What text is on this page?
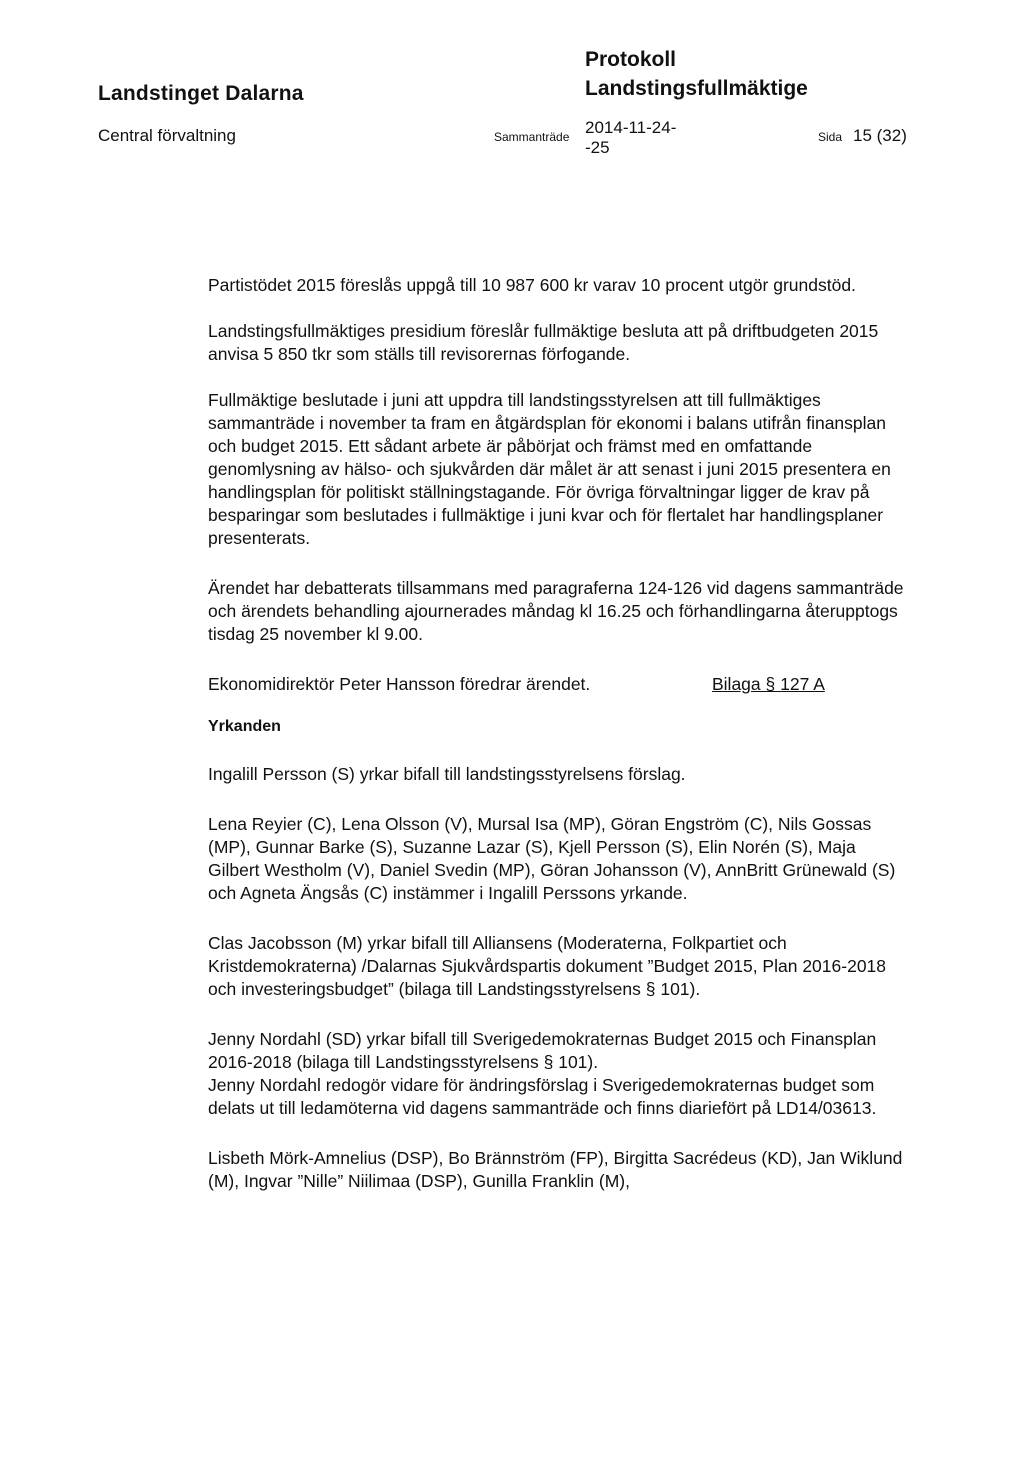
Landstinget Dalarna
Protokoll
Landstingsfullmäktige
Central förvaltning	Sammanträde 2014-11-24-
-25
Sida 15 (32)

Partistödet 2015 föreslås uppgå till 10 987 600 kr varav 10 procent utgör grundstöd.

Landstingsfullmäktiges presidium föreslår fullmäktige besluta att på driftbudgeten 2015 anvisa 5 850 tkr som ställs till revisorernas förfogande.

Fullmäktige beslutade i juni att uppdra till landstingsstyrelsen att till fullmäktiges sammanträde i november ta fram en åtgärdsplan för ekonomi i balans utifrån finansplan och budget 2015. Ett sådant arbete är påbörjat och främst med en omfattande genomlysning av hälso- och sjukvården där målet är att senast i juni 2015 presentera en handlingsplan för politiskt ställningstagande. För övriga förvaltningar ligger de krav på besparingar som beslutades i fullmäktige i juni kvar och för flertalet har handlingsplaner presenterats.

Ärendet har debatterats tillsammans med paragraferna 124-126 vid dagens sammanträde och ärendets behandling ajournerades måndag kl 16.25 och förhandlingarna återupptogs tisdag 25 november kl 9.00.

Ekonomidirektör Peter Hansson föredrar ärendet.	Bilaga § 127 A

Yrkanden

Ingalill Persson (S) yrkar bifall till landstingsstyrelsens förslag.

Lena Reyier (C), Lena Olsson (V), Mursal Isa (MP), Göran Engström (C), Nils Gossas (MP), Gunnar Barke (S), Suzanne Lazar (S), Kjell Persson (S), Elin Norén (S), Maja Gilbert Westholm (V), Daniel Svedin (MP), Göran Johansson (V), AnnBritt Grünewald (S) och Agneta Ängsås (C) instämmer i Ingalill Perssons yrkande.

Clas Jacobsson (M) yrkar bifall till Alliansens (Moderaterna, Folkpartiet och Kristdemokraterna) /Dalarnas Sjukvårdspartis dokument ”Budget 2015, Plan 2016-2018 och investeringsbudget” (bilaga till Landstingsstyrelsens § 101).

Jenny Nordahl (SD) yrkar bifall till Sverigedemokraternas Budget 2015 och Finansplan 2016-2018 (bilaga till Landstingsstyrelsens § 101).

Jenny Nordahl redogör vidare för ändringsförslag i Sverigedemokraternas budget som delats ut till ledamöterna vid dagens sammanträde och finns diariefört på LD14/03613.

Lisbeth Mörk-Amnelius (DSP), Bo Brännström (FP), Birgitta Sacrédeus (KD), Jan Wiklund (M), Ingvar ”Nille” Niilimaa (DSP), Gunilla Franklin (M),
